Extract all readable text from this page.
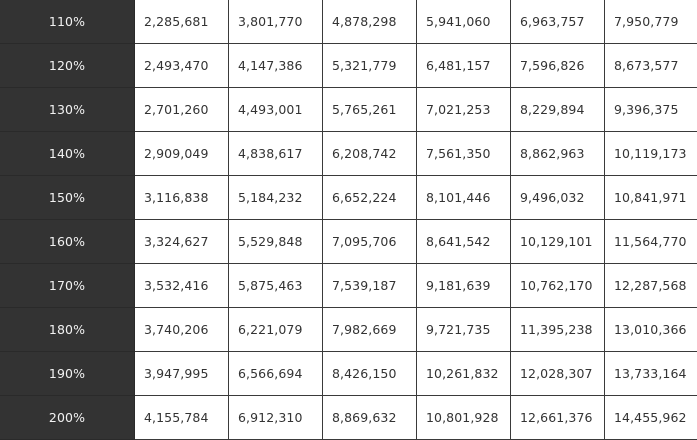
110%	2,285,681	3,801,770	4,878,298	5,941,060	6,963,757	7,950,779
120%	2,493,470	4,147,386	5,321,779	6,481,157	7,596,826	8,673,577
130%	2,701,260	4,493,001	5,765,261	7,021,253	8,229,894	9,396,375
140%	2,909,049	4,838,617	6,208,742	7,561,350	8,862,963	10,119,173
150%	3,116,838	5,184,232	6,652,224	8,101,446	9,496,032	10,841,971
160%	3,324,627	5,529,848	7,095,706	8,641,542	10,129,101	11,564,770
170%	3,532,416	5,875,463	7,539,187	9,181,639	10,762,170	12,287,568
180%	3,740,206	6,221,079	7,982,669	9,721,735	11,395,238	13,010,366
190%	3,947,995	6,566,694	8,426,150	10,261,832	12,028,307	13,733,164
200%	4,155,784	6,912,310	8,869,632	10,801,928	12,661,376	14,455,962
